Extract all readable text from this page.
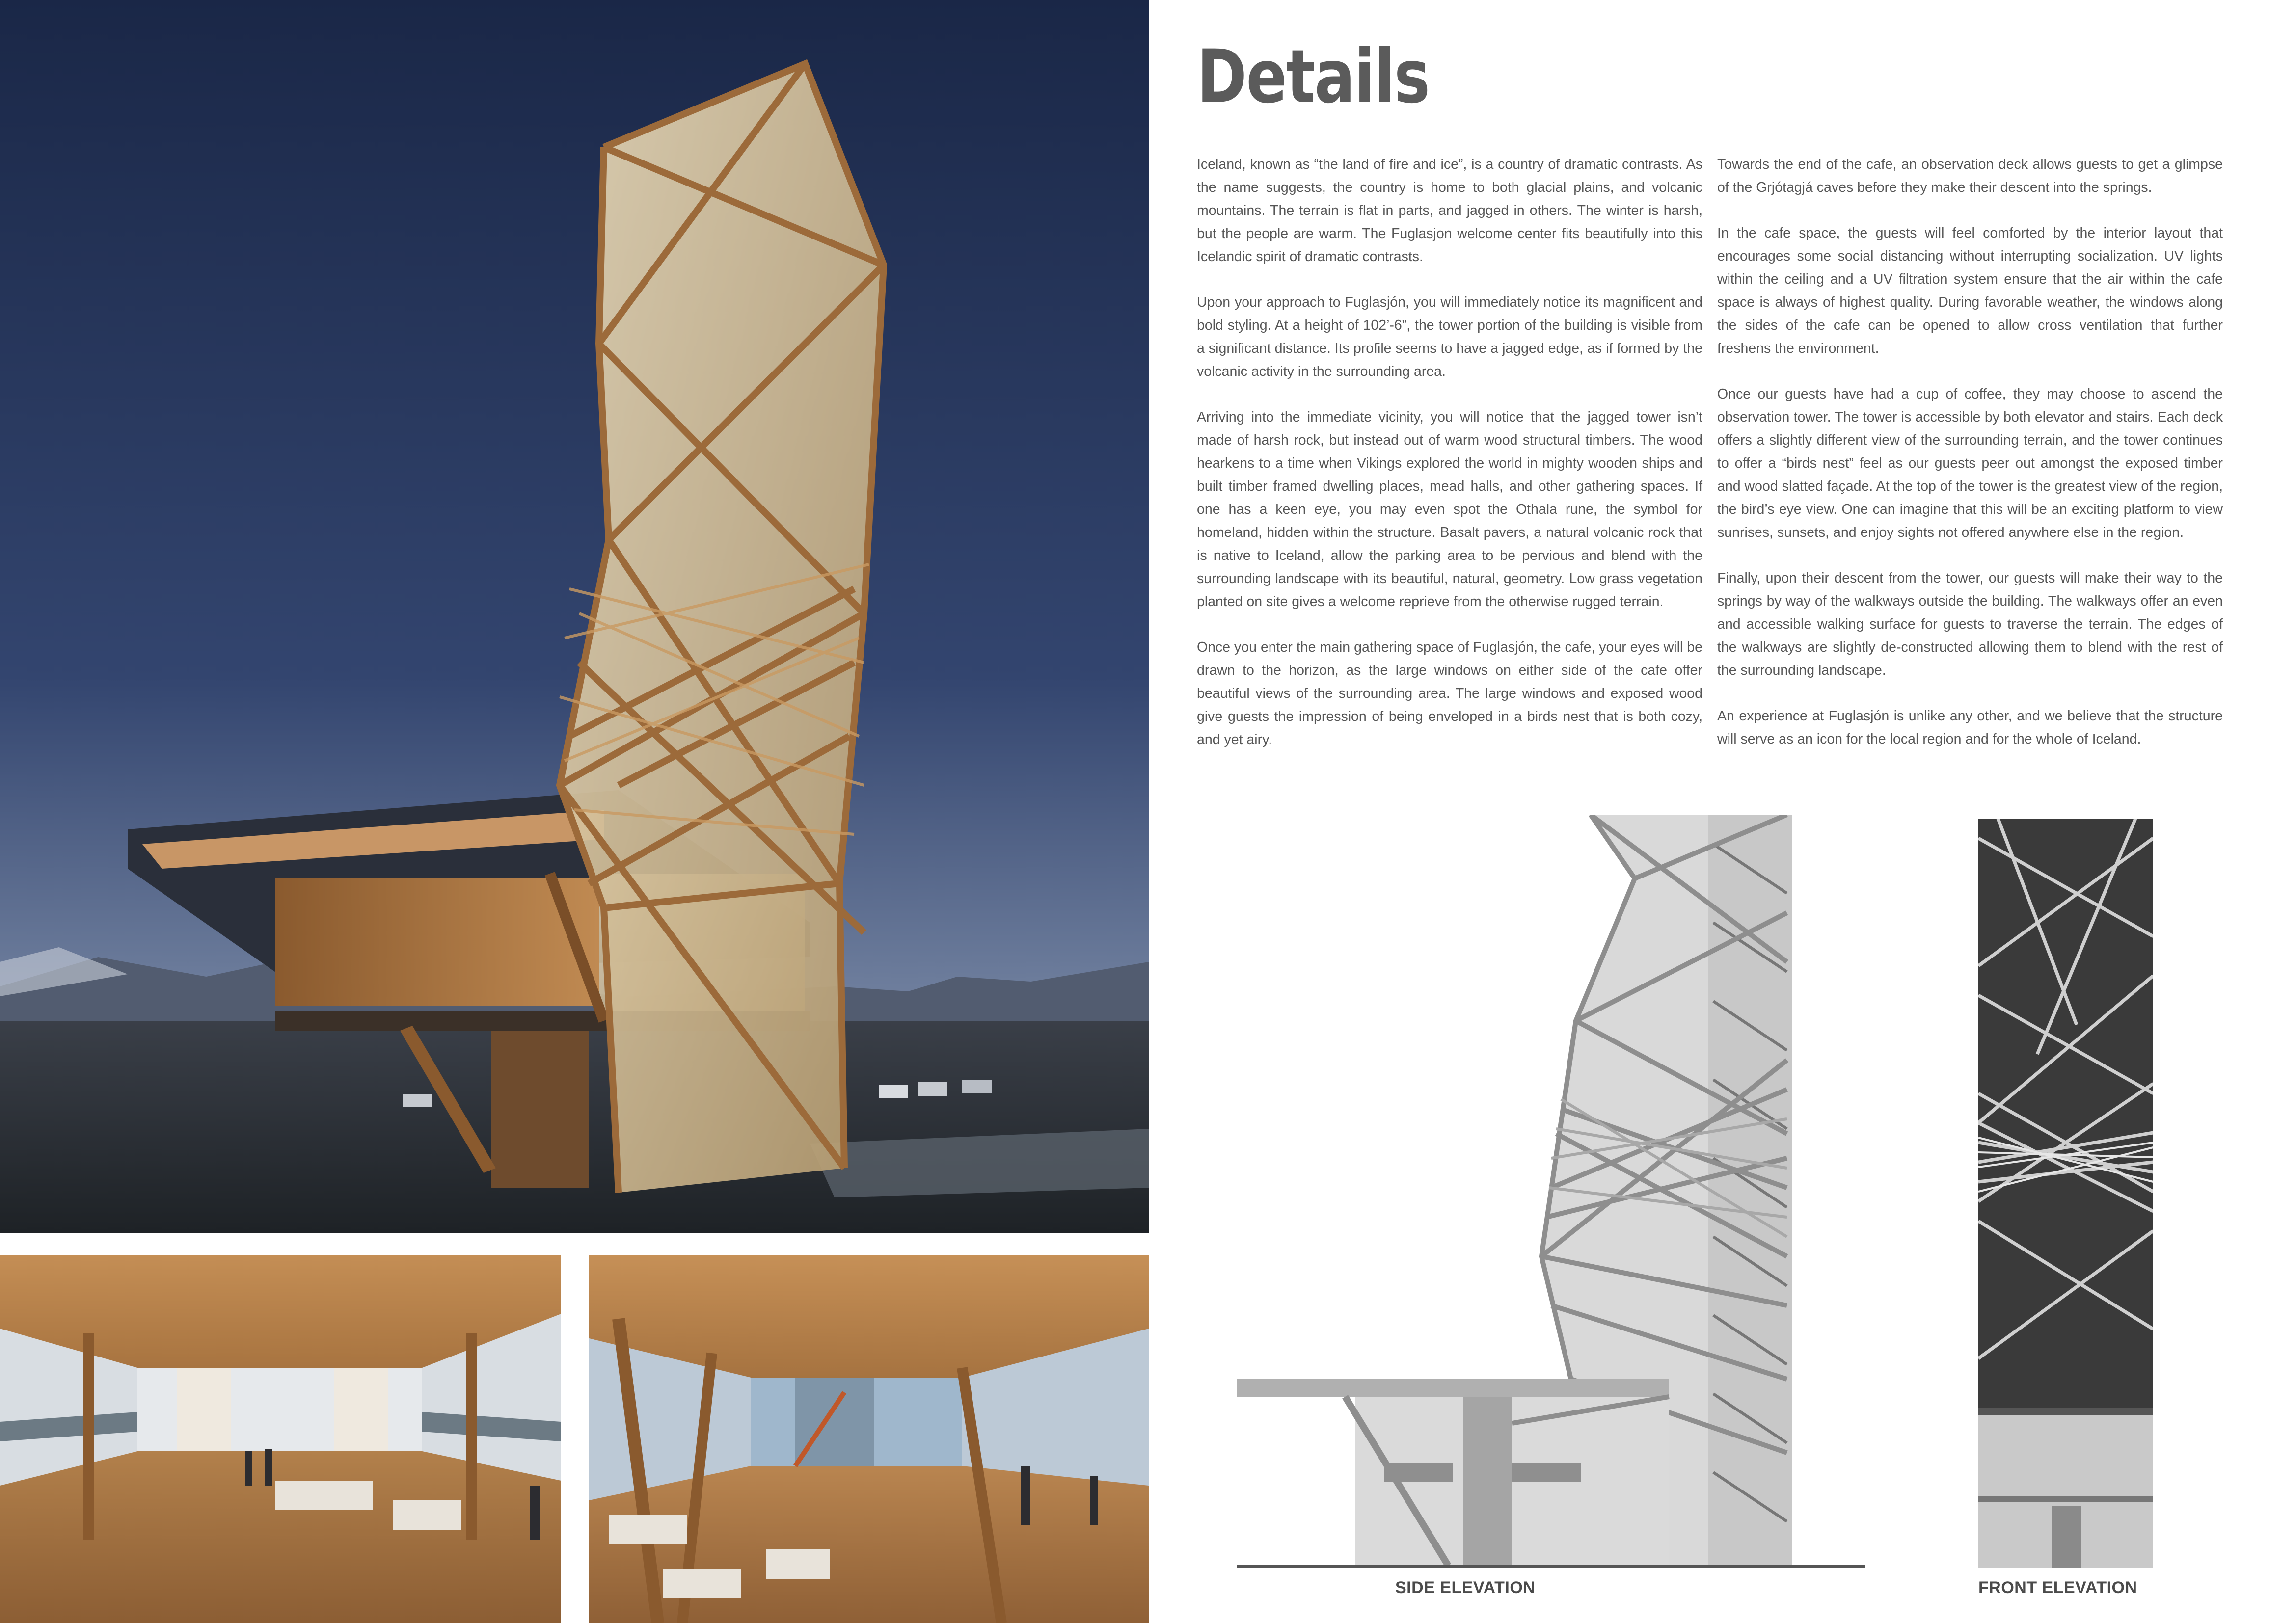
Details

Iceland, known as “the land of fire and ice”, is a country of dramatic contrasts. As the name suggests, the country is home to both glacial plains, and volcanic mountains. The terrain is flat in parts, and jagged in others. The winter is harsh, but the people are warm. The Fuglasjon welcome center fits beautifully into this Icelandic spirit of dramatic contrasts.

Upon your approach to Fuglasjón, you will immediately notice its magnificent and bold styling. At a height of 102’-6”, the tower portion of the building is visible from a significant distance. Its profile seems to have a jagged edge, as if formed by the volcanic activity in the surrounding area.

Arriving into the immediate vicinity, you will notice that the jagged tower isn’t made of harsh rock, but instead out of warm wood structural timbers. The wood hearkens to a time when Vikings explored the world in mighty wooden ships and built timber framed dwelling places, mead halls, and other gathering spaces. If one has a keen eye, you may even spot the Othala rune, the symbol for homeland, hidden within the structure. Basalt pavers, a natural volcanic rock that is native to Iceland, allow the parking area to be pervious and blend with the surrounding landscape with its beautiful, natural, geometry. Low grass vegetation planted on site gives a welcome reprieve from the otherwise rugged terrain.

Once you enter the main gathering space of Fuglasjón, the cafe, your eyes will be drawn to the horizon, as the large windows on either side of the cafe offer beautiful views of the surrounding area. The large windows and exposed wood give guests the impression of being enveloped in a birds nest that is both cozy, and yet airy.

Towards the end of the cafe, an observation deck allows guests to get a glimpse of the Grjótagjá caves before they make their descent into the springs.

In the cafe space, the guests will feel comforted by the interior layout that encourages some social distancing without interrupting socialization. UV lights within the ceiling and a UV filtration system ensure that the air within the cafe space is always of highest quality. During favorable weather, the windows along the sides of the cafe can be opened to allow cross ventilation that further freshens the environment.

Once our guests have had a cup of coffee, they may choose to ascend the observation tower. The tower is accessible by both elevator and stairs. Each deck offers a slightly different view of the surrounding terrain, and the tower continues to offer a “birds nest” feel as our guests peer out amongst the exposed timber and wood slatted façade. At the top of the tower is the greatest view of the region, the bird’s eye view. One can imagine that this will be an exciting platform to view sunrises, sunsets, and enjoy sights not offered anywhere else in the region.

Finally, upon their descent from the tower, our guests will make their way to the springs by way of the walkways outside the building. The walkways offer an even and accessible walking surface for guests to traverse the terrain. The edges of the walkways are slightly de-constructed allowing them to blend with the rest of the surrounding landscape.

An experience at Fuglasjón is unlike any other, and we believe that the structure will serve as an icon for the local region and for the whole of Iceland.

SIDE ELEVATION	FRONT ELEVATION
